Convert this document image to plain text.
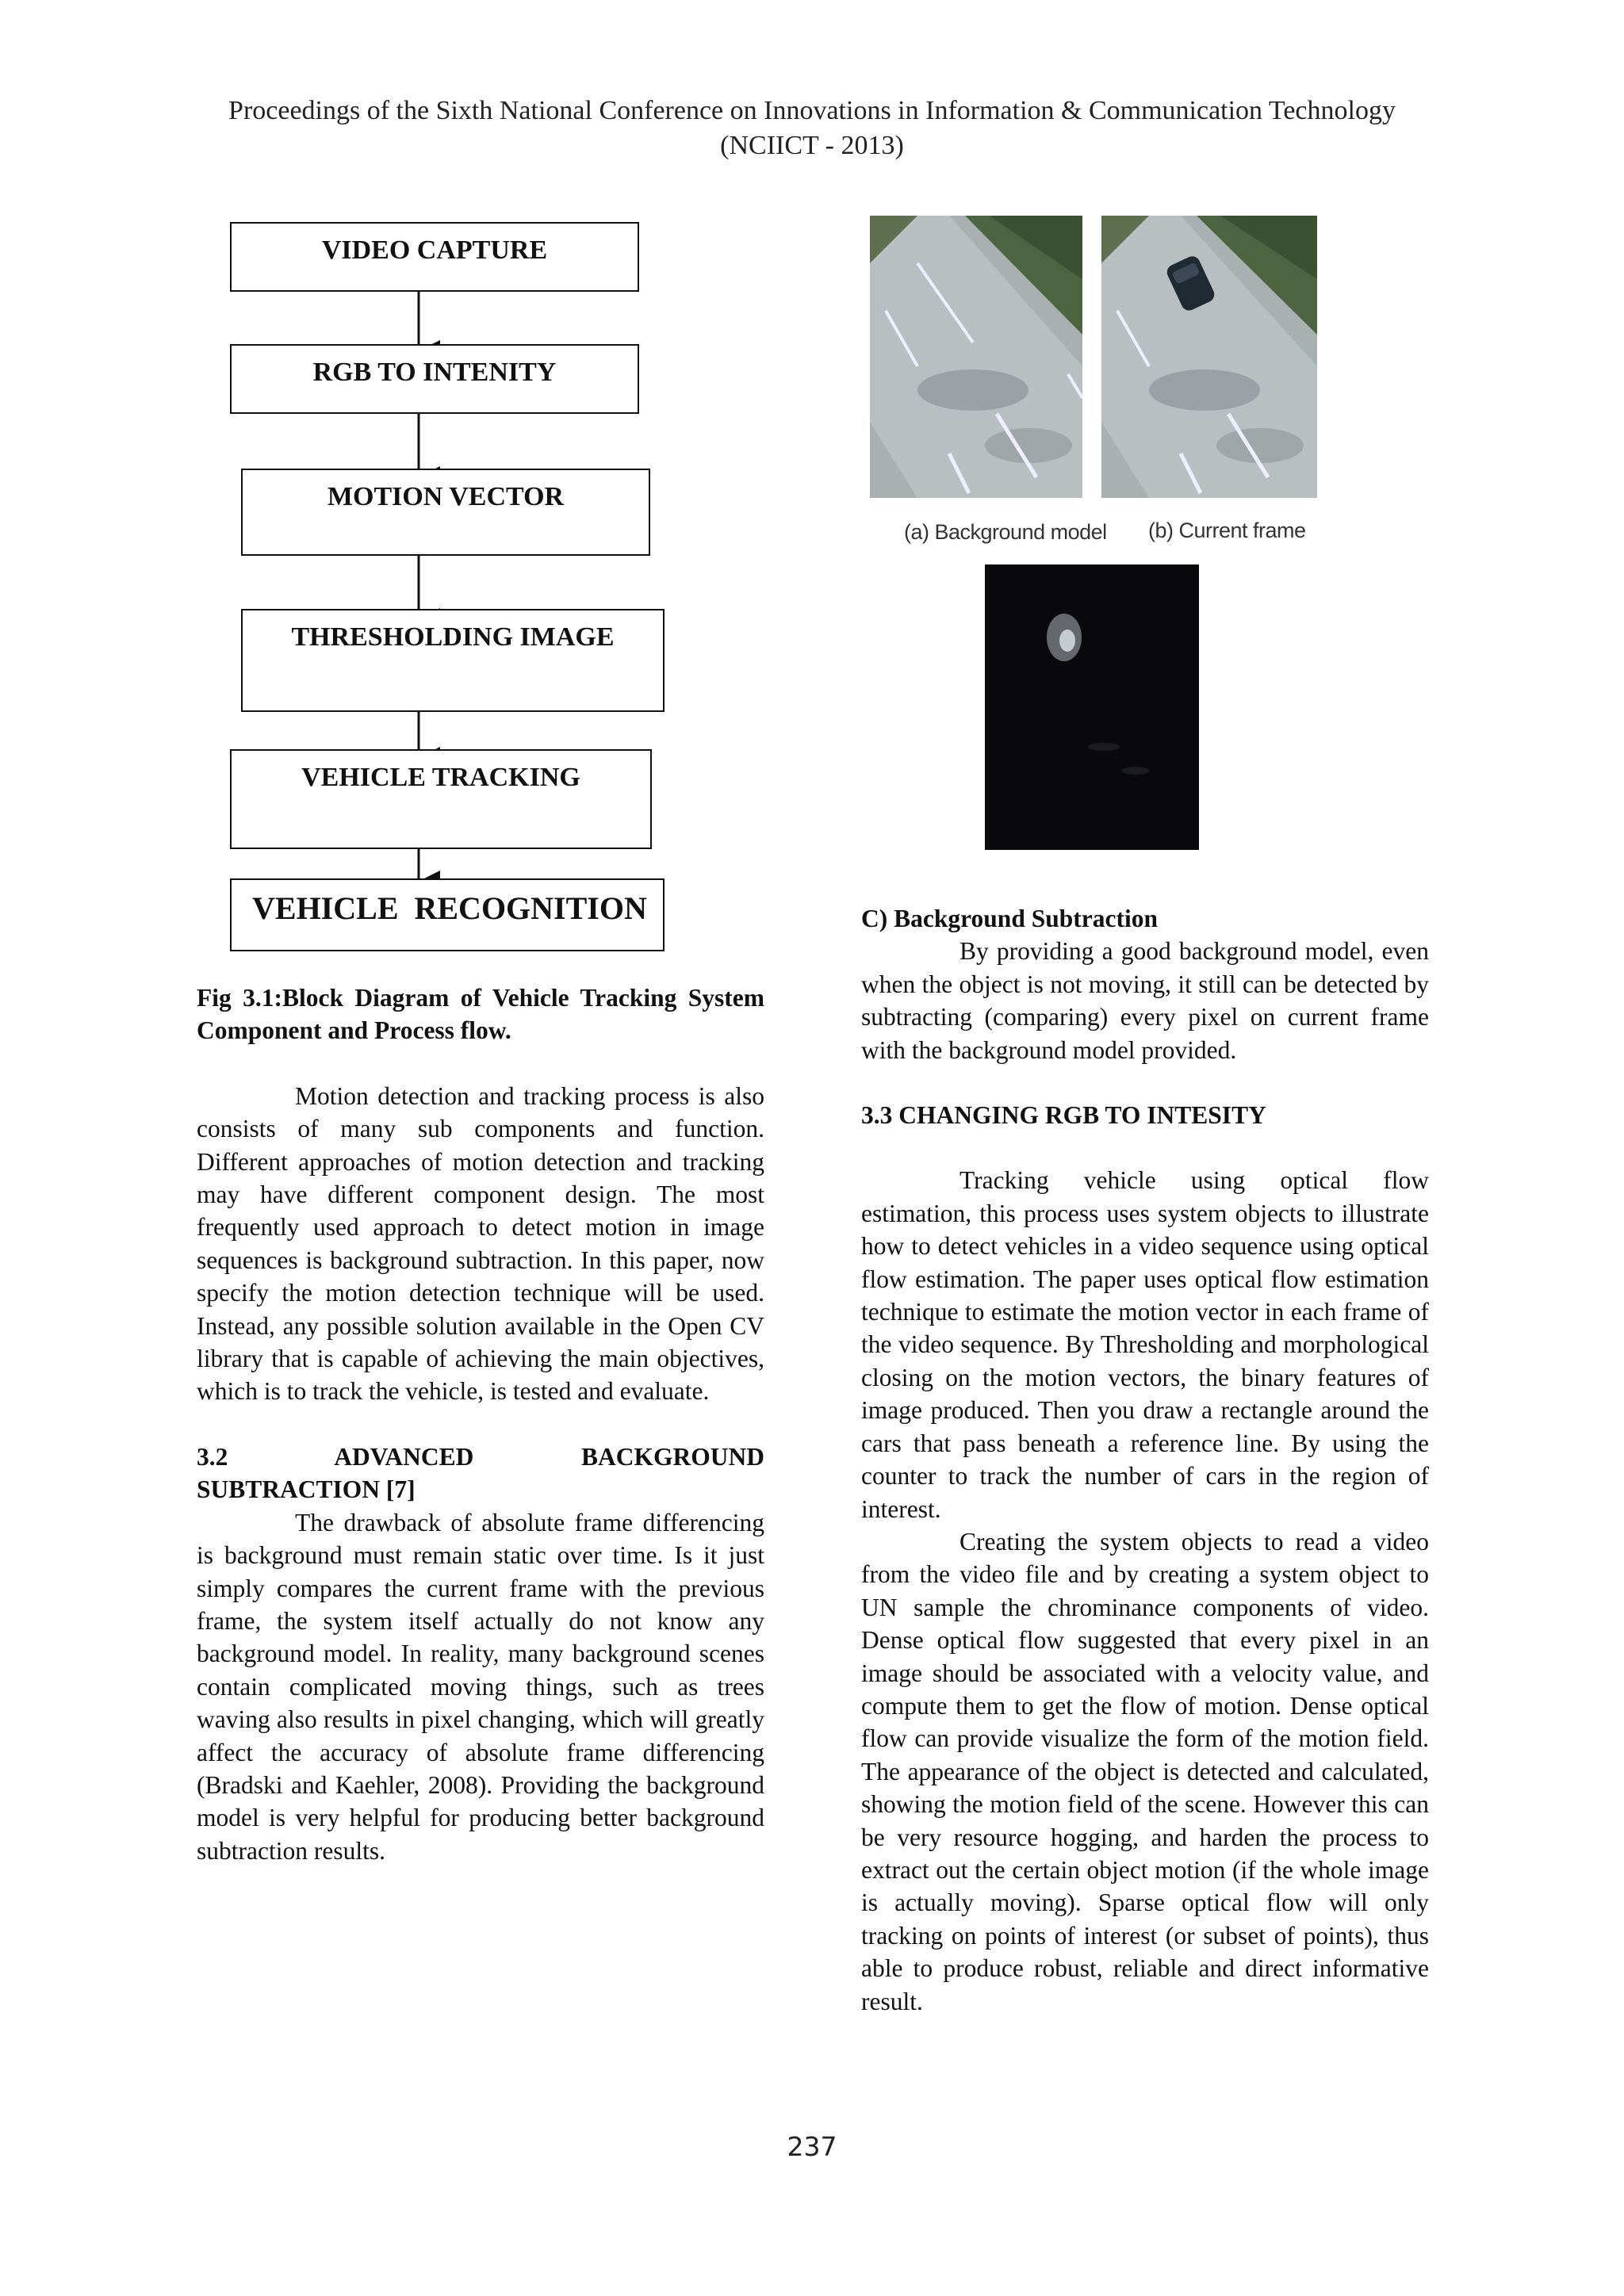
Proceedings of the Sixth National Conference on Innovations in Information & Communication Technology
(NCIICT - 2013)
VIDEO CAPTURE
RGB TO INTENITY
MOTION VECTOR
THRESHOLDING IMAGE
VEHICLE TRACKING
VEHICLE  RECOGNITION

Fig 3.1:Block Diagram of Vehicle Tracking System Component and Process flow.

Motion detection and tracking process is also consists of many sub components and function. Different approaches of motion detection and tracking may have different component design. The most frequently used approach to detect motion in image sequences is background subtraction. In this paper, now specify the motion detection technique will be used. Instead, any possible solution available in the Open CV library that is capable of achieving the main objectives, which is to track the vehicle, is tested and evaluate.

3.2 ADVANCED BACKGROUND

SUBTRACTION [7]

The drawback of absolute frame differencing is background must remain static over time. Is it just simply compares the current frame with the previous frame, the system itself actually do not know any background model. In reality, many background scenes contain complicated moving things, such as trees waving also results in pixel changing, which will greatly affect the accuracy of absolute frame differencing (Bradski and Kaehler, 2008). Providing the background model is very helpful for producing better background subtraction results.

(a) Background model (b) Current frame

C) Background Subtraction

By providing a good background model, even when the object is not moving, it still can be detected by subtracting (comparing) every pixel on current frame with the background model provided.

3.3 CHANGING RGB TO INTESITY

Tracking vehicle using optical flow estimation, this process uses system objects to illustrate how to detect vehicles in a video sequence using optical flow estimation. The paper uses optical flow estimation technique to estimate the motion vector in each frame of the video sequence. By Thresholding and morphological closing on the motion vectors, the binary features of image produced. Then you draw a rectangle around the cars that pass beneath a reference line. By using the counter to track the number of cars in the region of interest.

Creating the system objects to read a video from the video file and by creating a system object to UN sample the chrominance components of video. Dense optical flow suggested that every pixel in an image should be associated with a velocity value, and compute them to get the flow of motion. Dense optical flow can provide visualize the form of the motion field. The appearance of the object is detected and calculated, showing the motion field of the scene. However this can be very resource hogging, and harden the process to extract out the certain object motion (if the whole image is actually moving). Sparse optical flow will only tracking on points of interest (or subset of points), thus able to produce robust, reliable and direct informative result.

237
